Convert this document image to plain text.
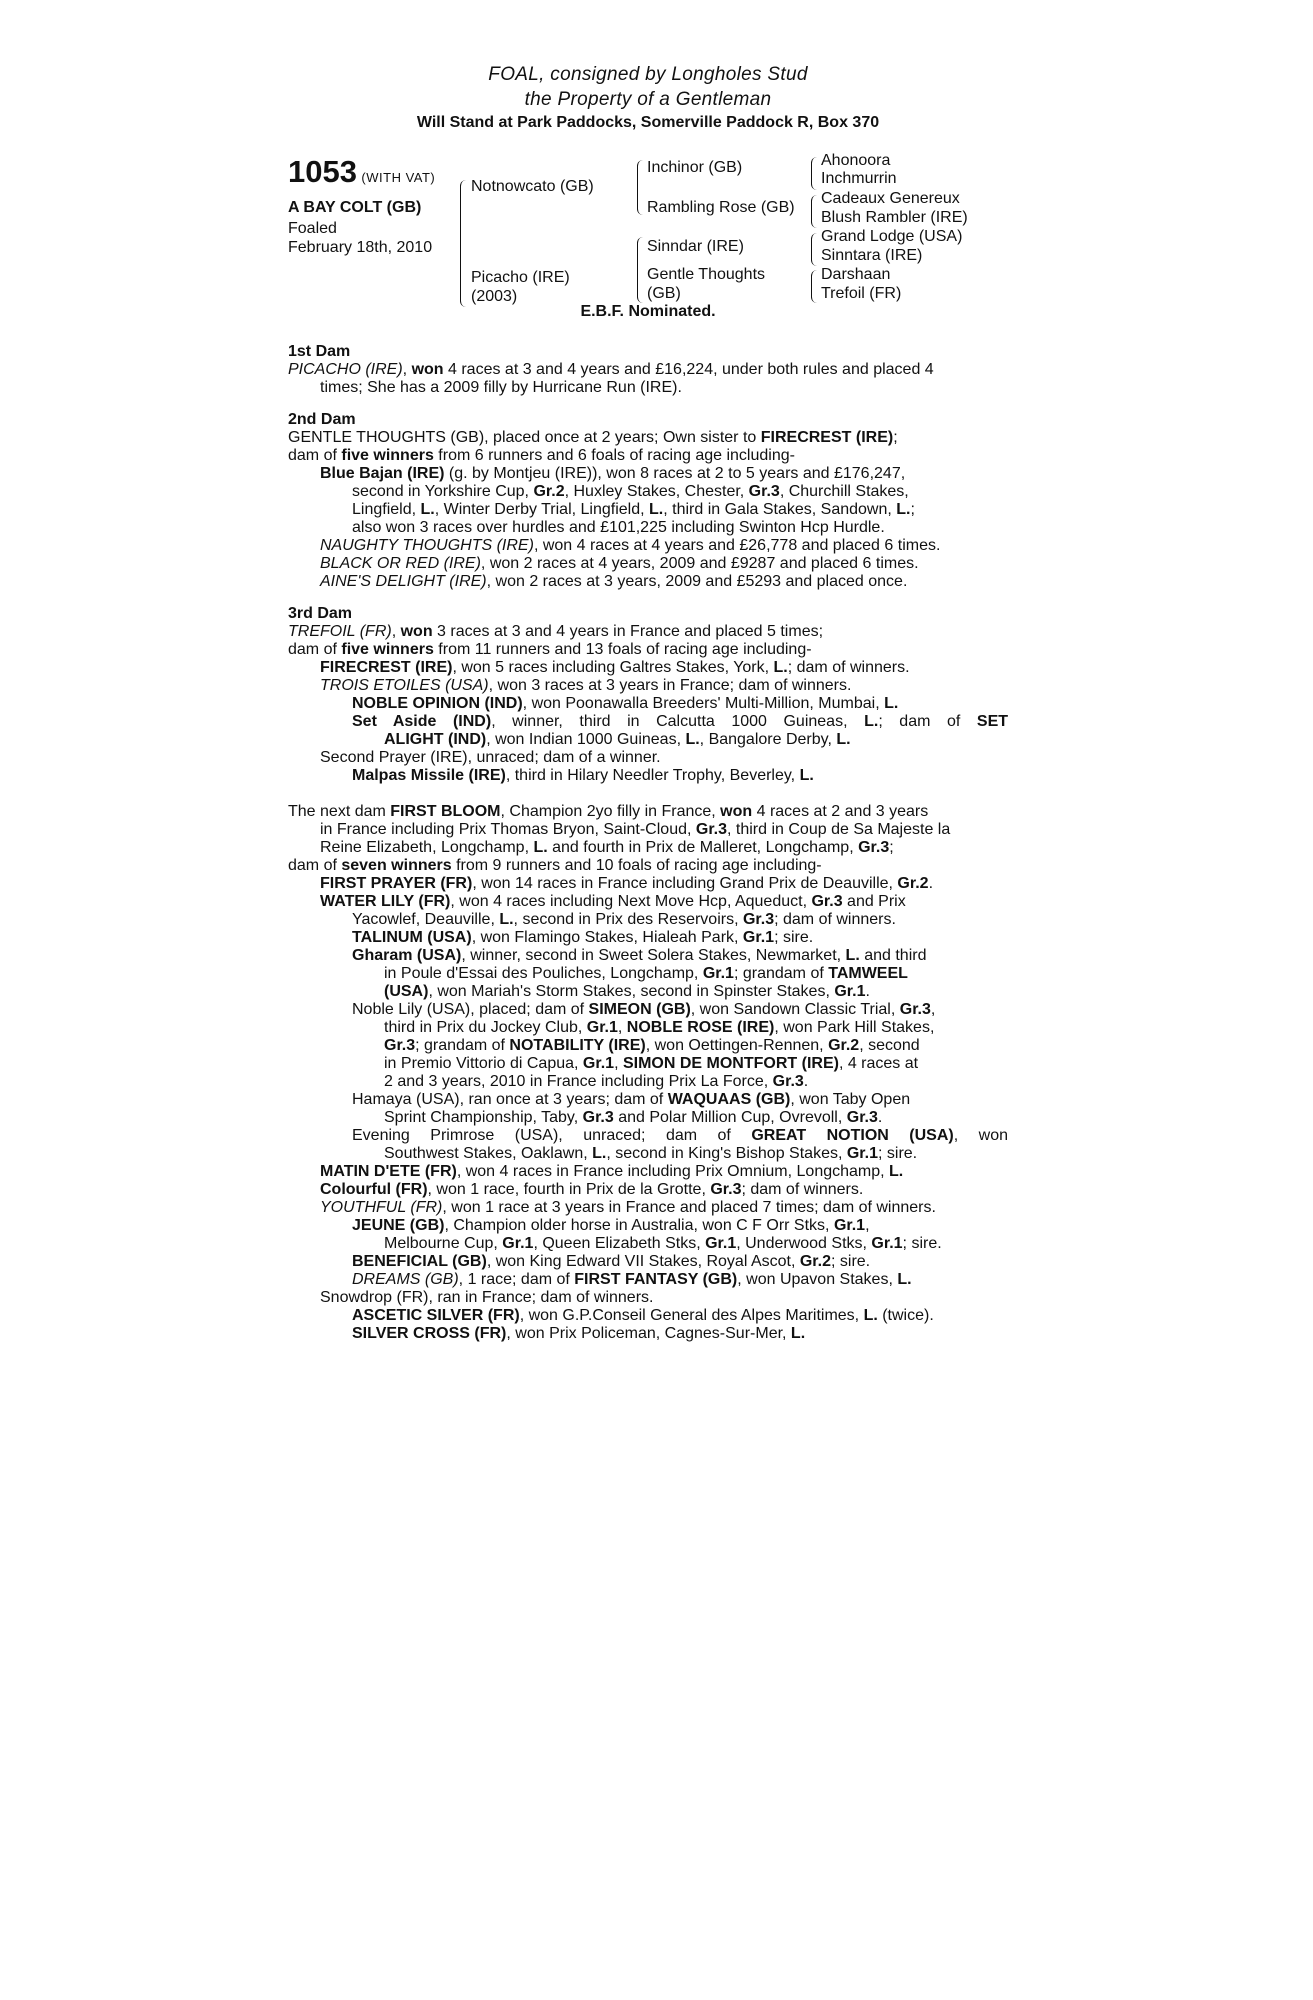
FOAL, consigned by Longholes Stud
the Property of a Gentleman
Will Stand at Park Paddocks, Somerville Paddock R, Box 370
1053 (WITH VAT)
A BAY COLT (GB)
Foaled
February 18th, 2010
Notnowcato (GB)
Picacho (IRE)
(2003)
Inchinor (GB)
Rambling Rose (GB)
Sinndar (IRE)
Gentle Thoughts
(GB)
Ahonoora
Inchmurrin
Cadeaux Genereux
Blush Rambler (IRE)
Grand Lodge (USA)
Sinntara (IRE)
Darshaan
Trefoil (FR)
E.B.F. Nominated.
1st Dam
PICACHO (IRE), won 4 races at 3 and 4 years and £16,224, under both rules and placed 4
times; She has a 2009 filly by Hurricane Run (IRE).
2nd Dam
GENTLE THOUGHTS (GB), placed once at 2 years; Own sister to FIRECREST (IRE);
dam of five winners from 6 runners and 6 foals of racing age including-
Blue Bajan (IRE) (g. by Montjeu (IRE)), won 8 races at 2 to 5 years and £176,247,
second in Yorkshire Cup, Gr.2, Huxley Stakes, Chester, Gr.3, Churchill Stakes,
Lingfield, L., Winter Derby Trial, Lingfield, L., third in Gala Stakes, Sandown, L.;
also won 3 races over hurdles and £101,225 including Swinton Hcp Hurdle.
NAUGHTY THOUGHTS (IRE), won 4 races at 4 years and £26,778 and placed 6 times.
BLACK OR RED (IRE), won 2 races at 4 years, 2009 and £9287 and placed 6 times.
AINE'S DELIGHT (IRE), won 2 races at 3 years, 2009 and £5293 and placed once.
3rd Dam
TREFOIL (FR), won 3 races at 3 and 4 years in France and placed 5 times;
dam of five winners from 11 runners and 13 foals of racing age including-
FIRECREST (IRE), won 5 races including Galtres Stakes, York, L.; dam of winners.
TROIS ETOILES (USA), won 3 races at 3 years in France; dam of winners.
NOBLE OPINION (IND), won Poonawalla Breeders' Multi-Million, Mumbai, L.
Set Aside (IND), winner, third in Calcutta 1000 Guineas, L.; dam of SET
ALIGHT (IND), won Indian 1000 Guineas, L., Bangalore Derby, L.
Second Prayer (IRE), unraced; dam of a winner.
Malpas Missile (IRE), third in Hilary Needler Trophy, Beverley, L.
The next dam FIRST BLOOM, Champion 2yo filly in France, won 4 races at 2 and 3 years
in France including Prix Thomas Bryon, Saint-Cloud, Gr.3, third in Coup de Sa Majeste la
Reine Elizabeth, Longchamp, L. and fourth in Prix de Malleret, Longchamp, Gr.3;
dam of seven winners from 9 runners and 10 foals of racing age including-
FIRST PRAYER (FR), won 14 races in France including Grand Prix de Deauville, Gr.2.
WATER LILY (FR), won 4 races including Next Move Hcp, Aqueduct, Gr.3 and Prix
Yacowlef, Deauville, L., second in Prix des Reservoirs, Gr.3; dam of winners.
TALINUM (USA), won Flamingo Stakes, Hialeah Park, Gr.1; sire.
Gharam (USA), winner, second in Sweet Solera Stakes, Newmarket, L. and third
in Poule d'Essai des Pouliches, Longchamp, Gr.1; grandam of TAMWEEL
(USA), won Mariah's Storm Stakes, second in Spinster Stakes, Gr.1.
Noble Lily (USA), placed; dam of SIMEON (GB), won Sandown Classic Trial, Gr.3,
third in Prix du Jockey Club, Gr.1, NOBLE ROSE (IRE), won Park Hill Stakes,
Gr.3; grandam of NOTABILITY (IRE), won Oettingen-Rennen, Gr.2, second
in Premio Vittorio di Capua, Gr.1, SIMON DE MONTFORT (IRE), 4 races at
2 and 3 years, 2010 in France including Prix La Force, Gr.3.
Hamaya (USA), ran once at 3 years; dam of WAQUAAS (GB), won Taby Open
Sprint Championship, Taby, Gr.3 and Polar Million Cup, Ovrevoll, Gr.3.
Evening Primrose (USA), unraced; dam of GREAT NOTION (USA), won
Southwest Stakes, Oaklawn, L., second in King's Bishop Stakes, Gr.1; sire.
MATIN D'ETE (FR), won 4 races in France including Prix Omnium, Longchamp, L.
Colourful (FR), won 1 race, fourth in Prix de la Grotte, Gr.3; dam of winners.
YOUTHFUL (FR), won 1 race at 3 years in France and placed 7 times; dam of winners.
JEUNE (GB), Champion older horse in Australia, won C F Orr Stks, Gr.1,
Melbourne Cup, Gr.1, Queen Elizabeth Stks, Gr.1, Underwood Stks, Gr.1; sire.
BENEFICIAL (GB), won King Edward VII Stakes, Royal Ascot, Gr.2; sire.
DREAMS (GB), 1 race; dam of FIRST FANTASY (GB), won Upavon Stakes, L.
Snowdrop (FR), ran in France; dam of winners.
ASCETIC SILVER (FR), won G.P.Conseil General des Alpes Maritimes, L. (twice).
SILVER CROSS (FR), won Prix Policeman, Cagnes-Sur-Mer, L.
